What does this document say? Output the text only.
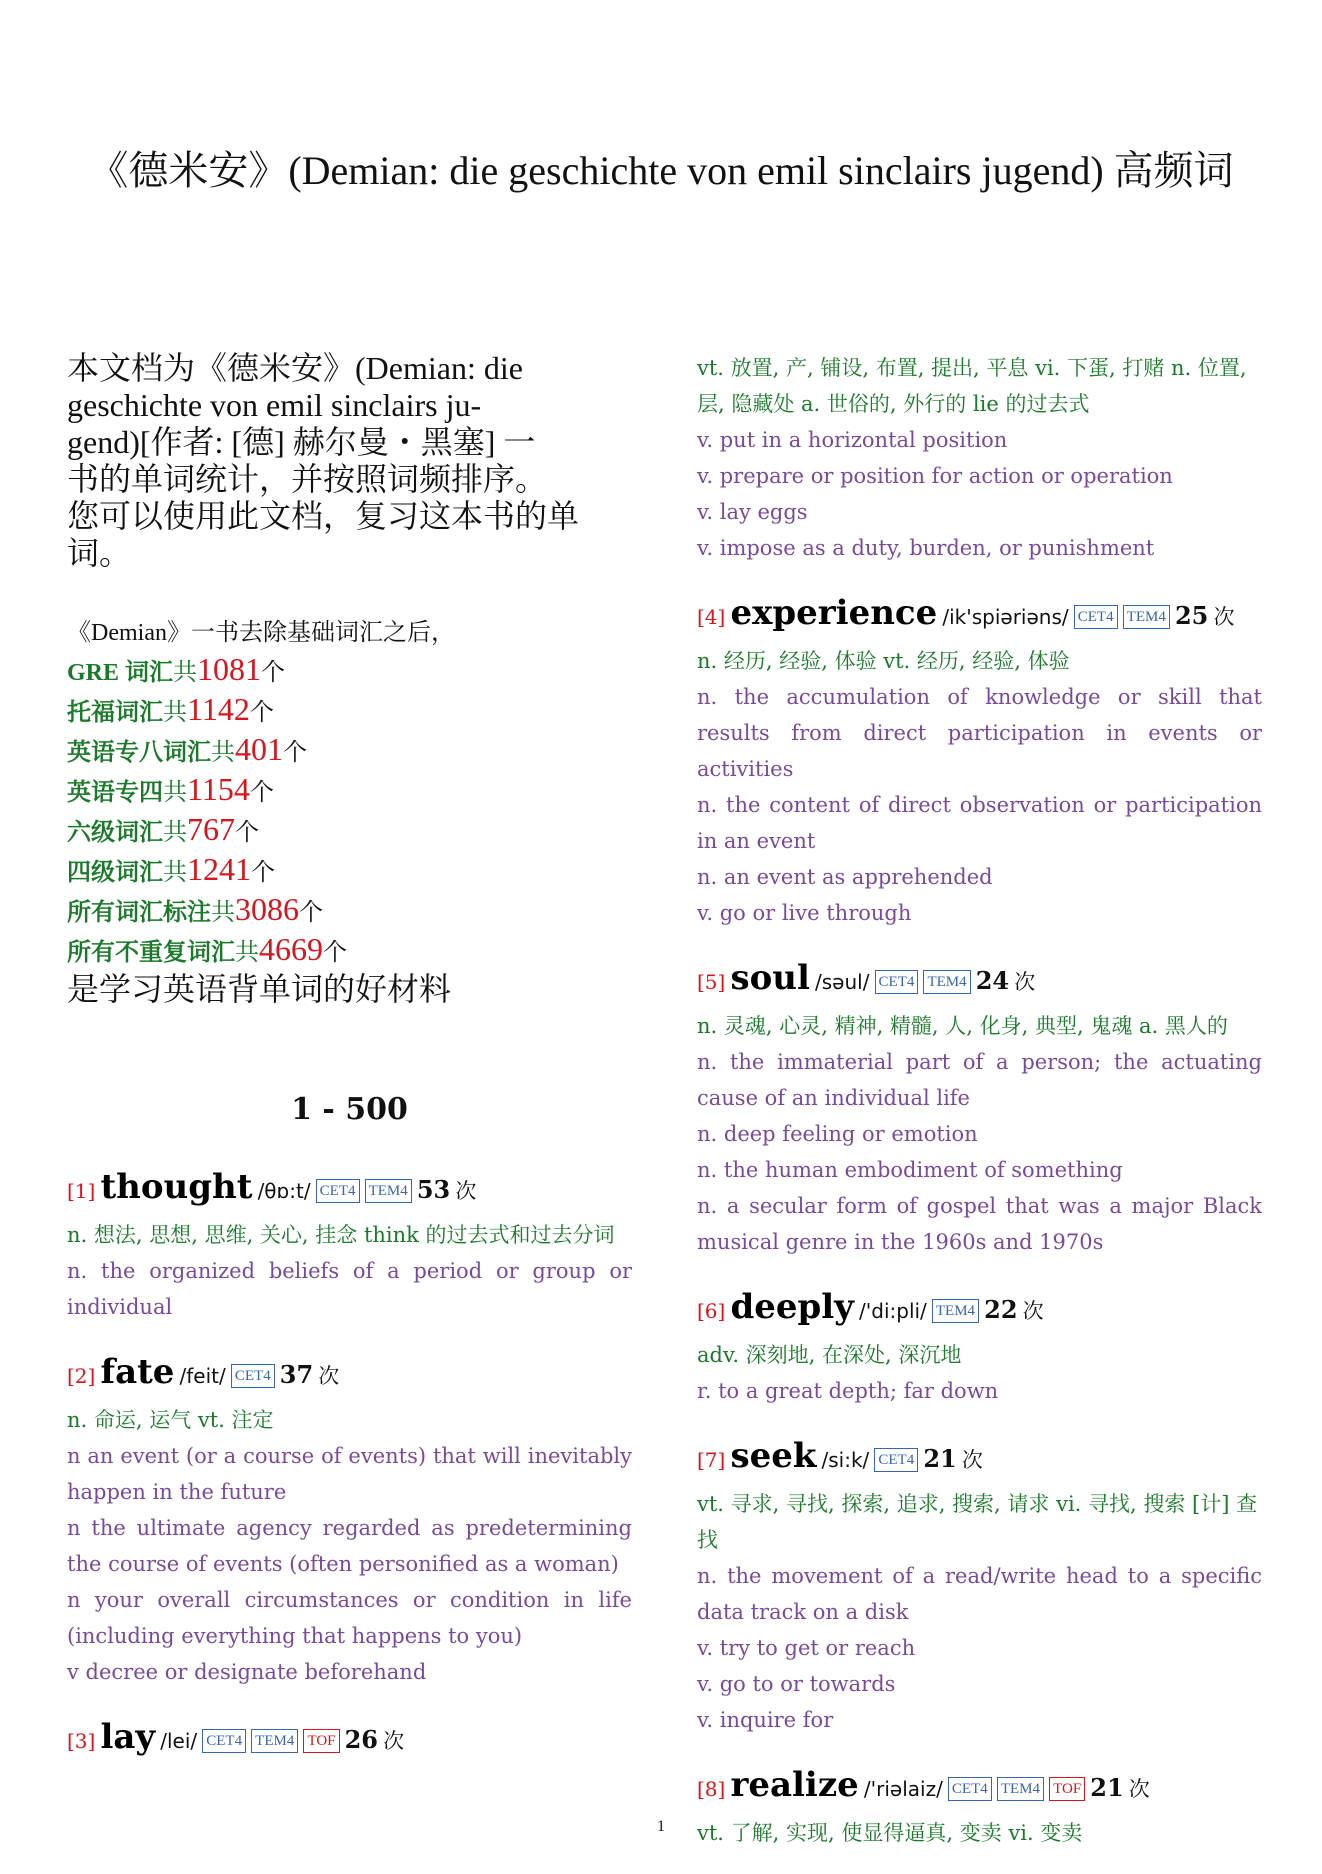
《德米安》(Demian: die geschichte von emil sinclairs jugend) 高频词

本文档为《德米安》(Demian: die
geschichte von emil sinclairs ju-
gend)[作者: [德] 赫尔曼・黑塞] 一
书的单词统计，并按照词频排序。
您可以使用此文档，复习这本书的单
词。

《Demian》一书去除基础词汇之后，
GRE 词汇共1081个
托福词汇共1142个
英语专八词汇共401个
英语专四共1154个
六级词汇共767个
四级词汇共1241个
所有词汇标注共3086个
所有不重复词汇共4669个
是学习英语背单词的好材料
1 - 500
[1] thought /θɒ:t/ CET4 TEM4 53 次
n. 想法, 思想, 思维, 关心, 挂念 think 的过去式和过去分词
n. the organized beliefs of a period or group or individual
[2] fate /feit/ CET4 37 次
n. 命运, 运气 vt. 注定
n an event (or a course of events) that will inevitably happen in the future
n the ultimate agency regarded as predetermining the course of events (often personified as a woman)
n your overall circumstances or condition in life (including everything that happens to you)
v decree or designate beforehand
[3] lay /lei/ CET4 TEM4 TOF 26 次
vt. 放置, 产, 铺设, 布置, 提出, 平息 vi. 下蛋, 打赌 n. 位置, 层, 隐藏处 a. 世俗的, 外行的 lie 的过去式
v. put in a horizontal position
v. prepare or position for action or operation
v. lay eggs
v. impose as a duty, burden, or punishment
[4] experience /ik'spiəriəns/ CET4 TEM4 25 次
n. 经历, 经验, 体验 vt. 经历, 经验, 体验
n. the accumulation of knowledge or skill that results from direct participation in events or activities
n. the content of direct observation or participation in an event
n. an event as apprehended
v. go or live through
[5] soul /səul/ CET4 TEM4 24 次
n. 灵魂, 心灵, 精神, 精髓, 人, 化身, 典型, 鬼魂 a. 黑人的
n. the immaterial part of a person; the actuating cause of an individual life
n. deep feeling or emotion
n. the human embodiment of something
n. a secular form of gospel that was a major Black musical genre in the 1960s and 1970s
[6] deeply /'di:pli/ TEM4 22 次
adv. 深刻地, 在深处, 深沉地
r. to a great depth; far down
[7] seek /si:k/ CET4 21 次
vt. 寻求, 寻找, 探索, 追求, 搜索, 请求 vi. 寻找, 搜索 [计] 查找
n. the movement of a read/write head to a specific data track on a disk
v. try to get or reach
v. go to or towards
v. inquire for
[8] realize /'riəlaiz/ CET4 TEM4 TOF 21 次
vt. 了解, 实现, 使显得逼真, 变卖 vi. 变卖
1
